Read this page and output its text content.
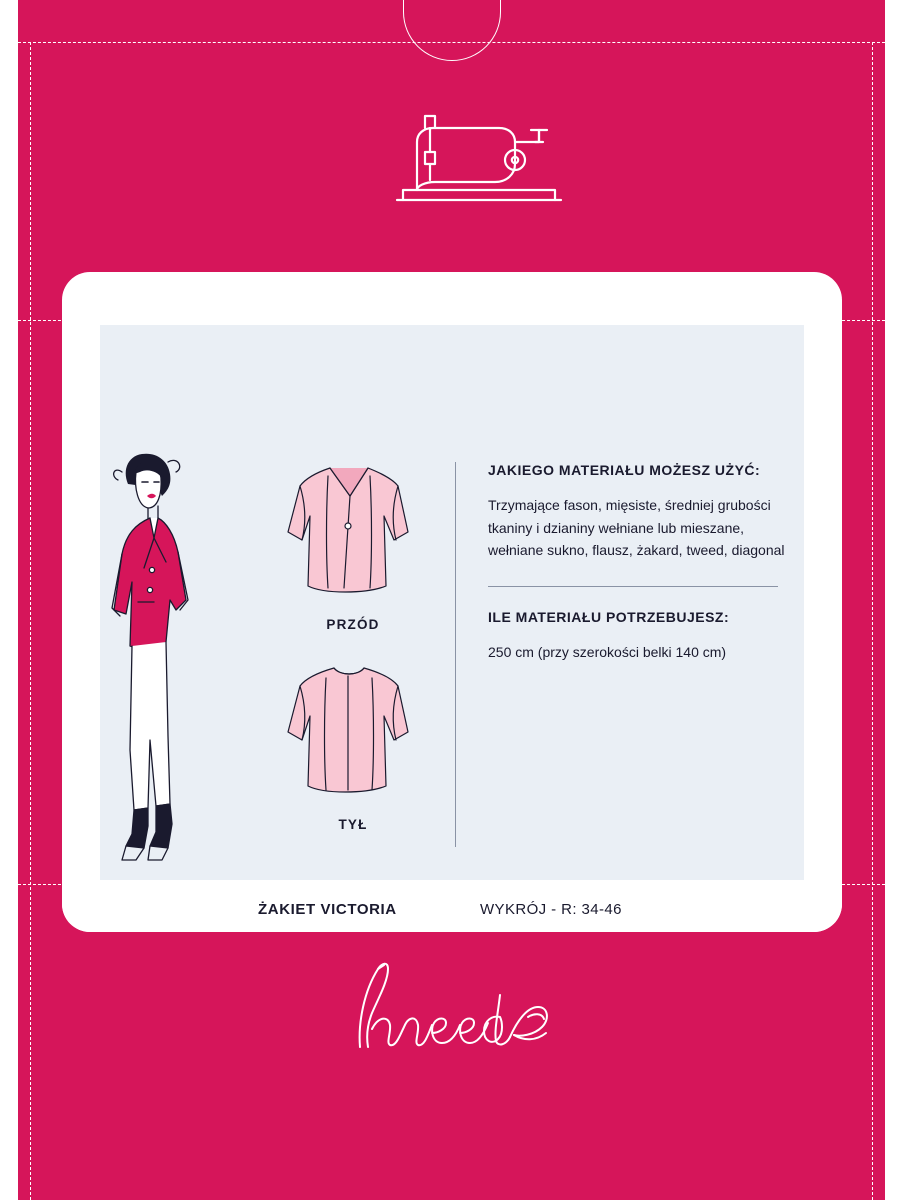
PRZÓD
TYŁ

JAKIEGO MATERIAŁU MOŻESZ UŻYĆ:

Trzymające fason, mięsiste, średniej grubości tkaniny i dzianiny wełniane lub mieszane, wełniane sukno, flausz, żakard, tweed, diagonal

ILE MATERIAŁU POTRZEBUJESZ:

250 cm (przy szerokości belki 140 cm)

ŻAKIET VICTORIA	WYKRÓJ - R: 34-46
